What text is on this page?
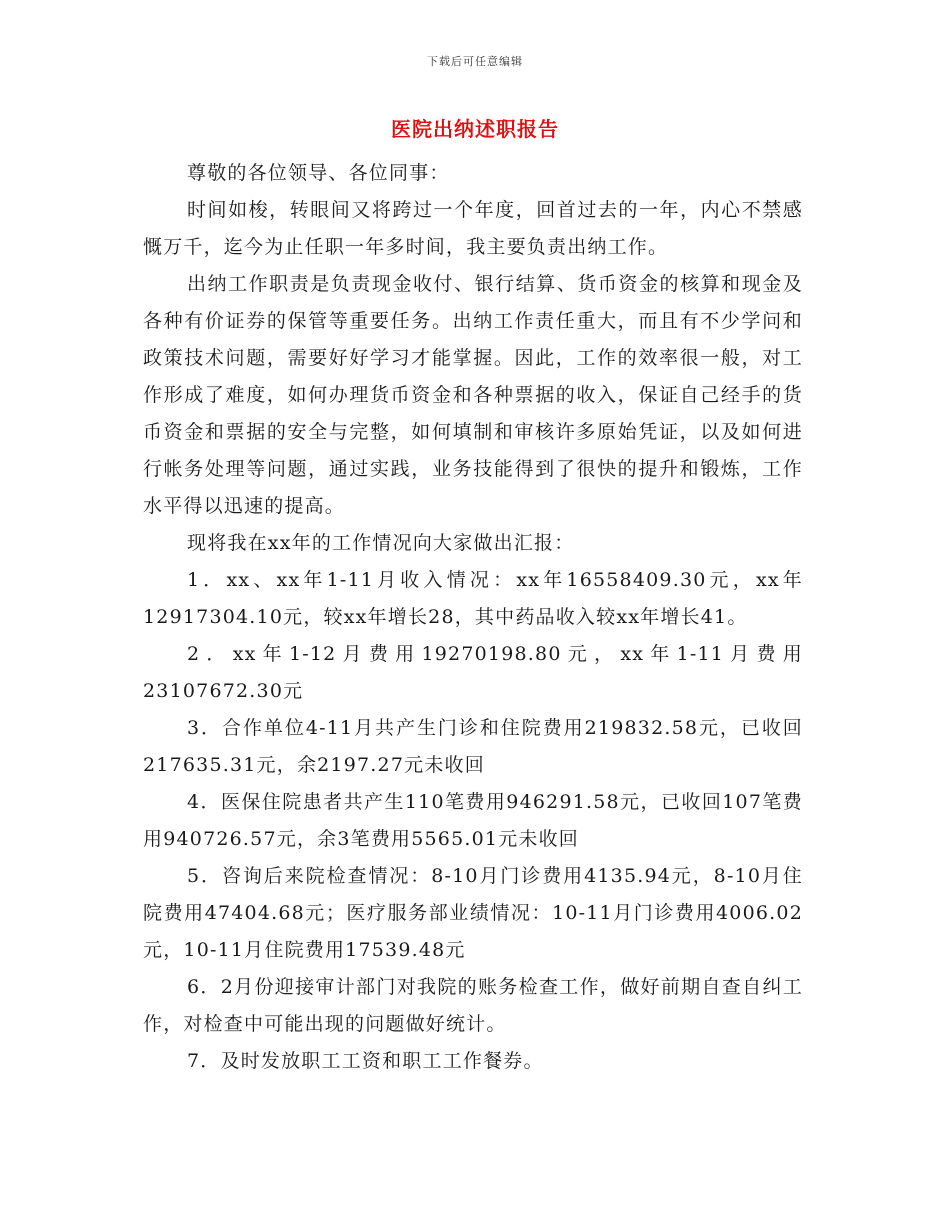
下载后可任意编辑
医院出纳述职报告

尊敬的各位领导、各位同事：

时间如梭，转眼间又将跨过一个年度，回首过去的一年，内心不禁感慨万千，迄今为止任职一年多时间，我主要负责出纳工作。

出纳工作职责是负责现金收付、银行结算、货币资金的核算和现金及各种有价证券的保管等重要任务。出纳工作责任重大，而且有不少学问和政策技术问题，需要好好学习才能掌握。因此，工作的效率很一般，对工作形成了难度，如何办理货币资金和各种票据的收入，保证自己经手的货币资金和票据的安全与完整，如何填制和审核许多原始凭证，以及如何进行帐务处理等问题，通过实践，业务技能得到了很快的提升和锻炼，工作水平得以迅速的提高。

现将我在xx年的工作情况向大家做出汇报：

1．xx、xx年1-11月收入情况：xx年16558409.30元，xx年12917304.10元，较xx年增长28，其中药品收入较xx年增长41。

2．xx年1-12月费用19270198.80元，xx年1-11月费用23107672.30元

3．合作单位4-11月共产生门诊和住院费用219832.58元，已收回217635.31元，余2197.27元未收回

4．医保住院患者共产生110笔费用946291.58元，已收回107笔费用940726.57元，余3笔费用5565.01元未收回

5．咨询后来院检查情况：8-10月门诊费用4135.94元，8-10月住院费用47404.68元；医疗服务部业绩情况：10-11月门诊费用4006.02元，10-11月住院费用17539.48元

6．2月份迎接审计部门对我院的账务检查工作，做好前期自查自纠工作，对检查中可能出现的问题做好统计。

7．及时发放职工工资和职工工作餐券。
